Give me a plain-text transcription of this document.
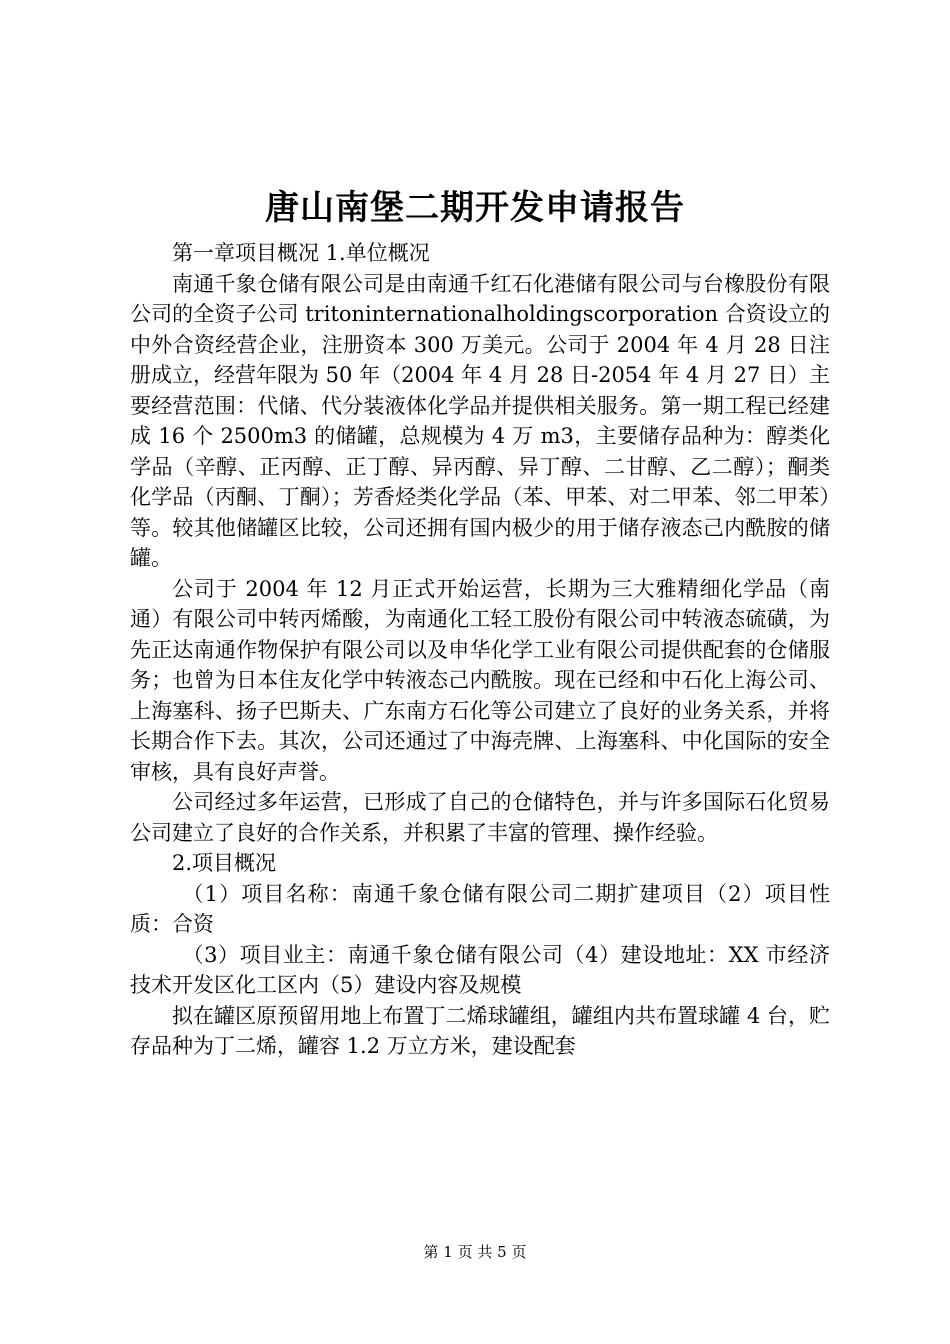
唐山南堡二期开发申请报告

第一章项目概况 1.单位概况

南通千象仓储有限公司是由南通千红石化港储有限公司与台橡股份有限公司的全资子公司 tritoninternationalholdingscorporation 合资设立的中外合资经营企业，注册资本 300 万美元。公司于 2004 年 4 月 28 日注册成立，经营年限为 50 年（2004 年 4 月 28 日-2054 年 4 月 27 日）主要经营范围：代储、代分装液体化学品并提供相关服务。第一期工程已经建成 16 个 2500m3 的储罐，总规模为 4 万 m3，主要储存品种为：醇类化学品（辛醇、正丙醇、正丁醇、异丙醇、异丁醇、二甘醇、乙二醇）；酮类化学品（丙酮、丁酮）；芳香烃类化学品（苯、甲苯、对二甲苯、邻二甲苯）等。较其他储罐区比较，公司还拥有国内极少的用于储存液态己内酰胺的储罐。

公司于 2004 年 12 月正式开始运营，长期为三大雅精细化学品（南通）有限公司中转丙烯酸，为南通化工轻工股份有限公司中转液态硫磺，为先正达南通作物保护有限公司以及申华化学工业有限公司提供配套的仓储服务；也曾为日本住友化学中转液态己内酰胺。现在已经和中石化上海公司、上海塞科、扬子巴斯夫、广东南方石化等公司建立了良好的业务关系，并将长期合作下去。其次，公司还通过了中海壳牌、上海塞科、中化国际的安全审核，具有良好声誉。

公司经过多年运营，已形成了自己的仓储特色，并与许多国际石化贸易公司建立了良好的合作关系，并积累了丰富的管理、操作经验。

2.项目概况

（1）项目名称：南通千象仓储有限公司二期扩建项目（2）项目性质：合资

（3）项目业主：南通千象仓储有限公司（4）建设地址：XX 市经济技术开发区化工区内（5）建设内容及规模

拟在罐区原预留用地上布置丁二烯球罐组，罐组内共布置球罐 4 台，贮存品种为丁二烯，罐容 1.2 万立方米，建设配套

第 1 页 共 5 页
